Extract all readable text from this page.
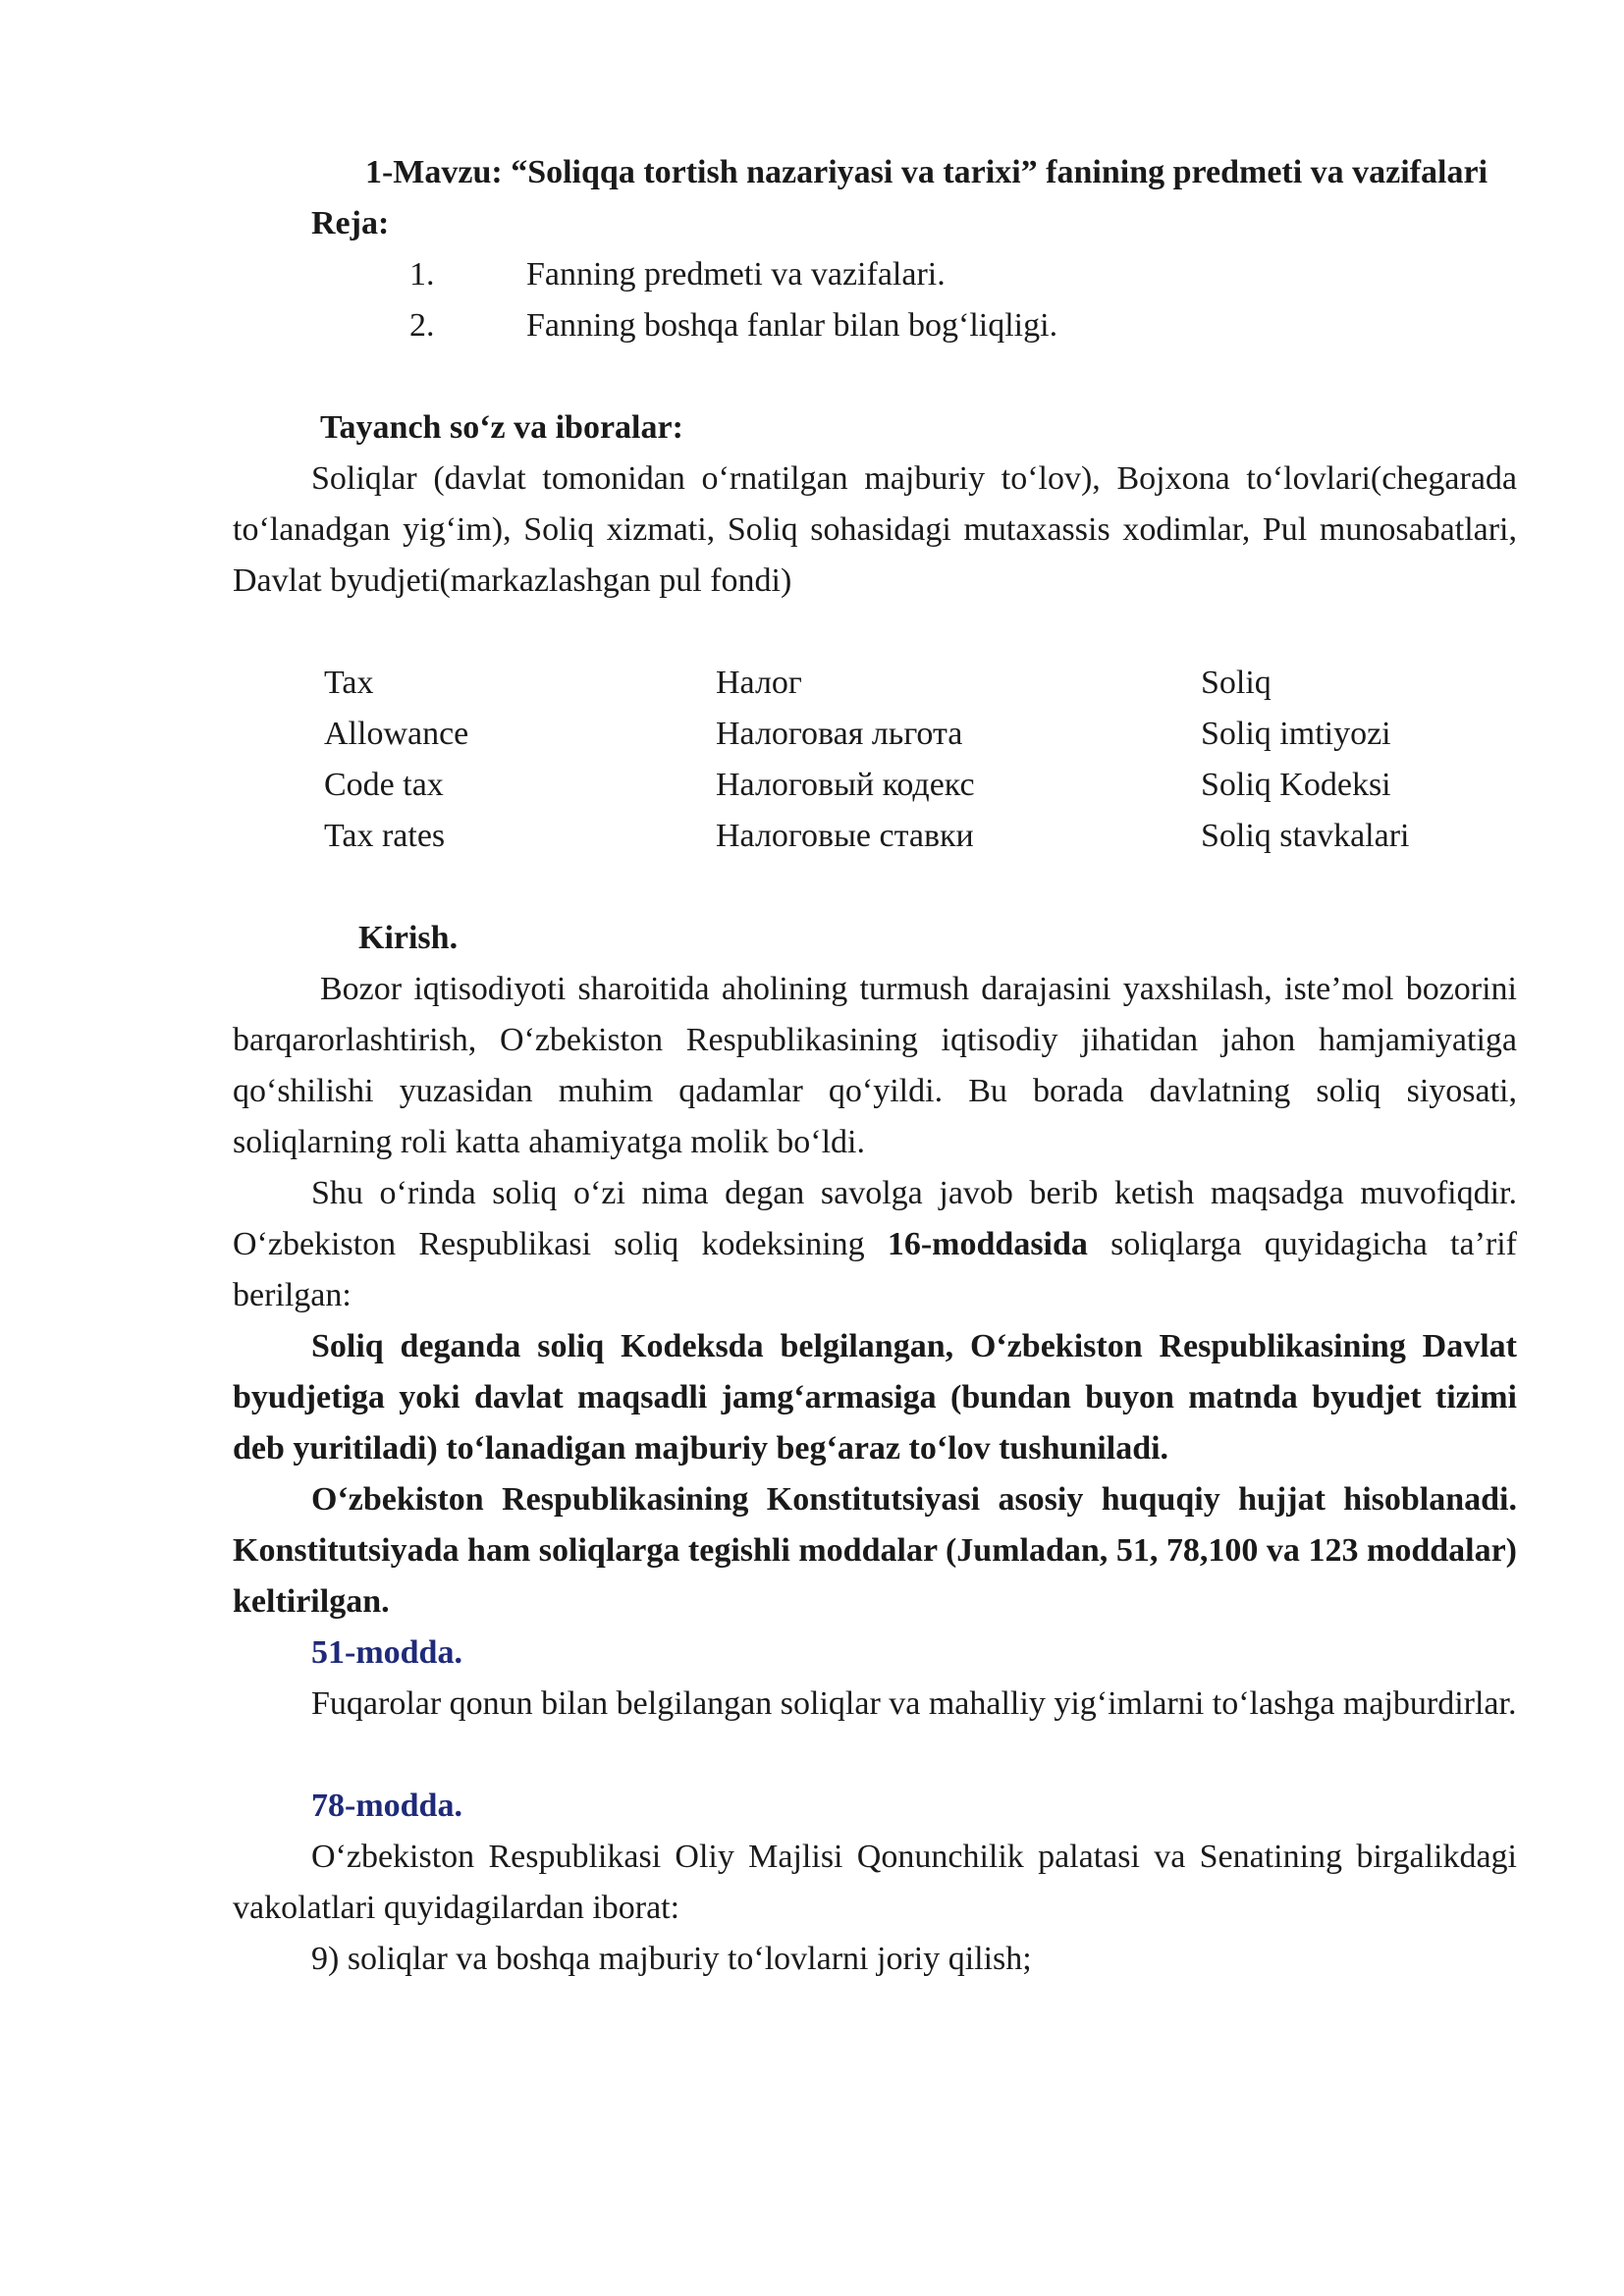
1-Mavzu: “Soliqqa tortish nazariyasi va tarixi” fanining predmeti va vazifalari

Reja:

1.	Fanning predmeti va vazifalari.
2.	Fanning boshqa fanlar bilan bog‘liqligi.

Tayanch so‘z va iboralar:

Soliqlar (davlat tomonidan o‘rnatilgan majburiy to‘lov), Bojxona to‘lovlari(chegarada to‘lanadgan yig‘im), Soliq xizmati, Soliq sohasidagi mutaxassis xodimlar, Pul munosabatlari, Davlat byudjeti(markazlashgan pul fondi)

Tax	Налог	Soliq
Allowance	Налоговая льгота	Soliq imtiyozi
Code tax	Налоговый кодекс	Soliq Kodeksi
Tax rates	Налоговые ставки	Soliq stavkalari

Kirish.

Bozor iqtisodiyoti sharoitida aholining turmush darajasini yaxshilash, iste’mol bozorini barqarorlashtirish, O‘zbekiston Respublikasining iqtisodiy jihatidan jahon hamjamiyatiga qo‘shilishi yuzasidan muhim qadamlar qo‘yildi. Bu borada davlatning soliq siyosati, soliqlarning roli katta ahamiyatga molik bo‘ldi.

Shu o‘rinda soliq o‘zi nima degan savolga javob berib ketish maqsadga muvofiqdir. O‘zbekiston Respublikasi soliq kodeksining 16-moddasida soliqlarga quyidagicha ta’rif berilgan:

Soliq deganda soliq Kodeksda belgilangan, O‘zbekiston Respublikasining Davlat byudjetiga yoki davlat maqsadli jamg‘armasiga (bundan buyon matnda byudjet tizimi deb yuritiladi) to‘lanadigan majburiy beg‘araz to‘lov tushuniladi.

O‘zbekiston Respublikasining Konstitutsiyasi asosiy huquqiy hujjat hisoblanadi. Konstitutsiyada ham soliqlarga tegishli moddalar (Jumladan, 51, 78,100 va 123 moddalar) keltirilgan.

51-modda.

Fuqarolar qonun bilan belgilangan soliqlar va mahalliy yig‘imlarni to‘lashga majburdirlar.

78-modda.

O‘zbekiston Respublikasi Oliy Majlisi Qonunchilik palatasi va Senatining birgalikdagi vakolatlari quyidagilardan iborat:

9) soliqlar va boshqa majburiy to‘lovlarni joriy qilish;
